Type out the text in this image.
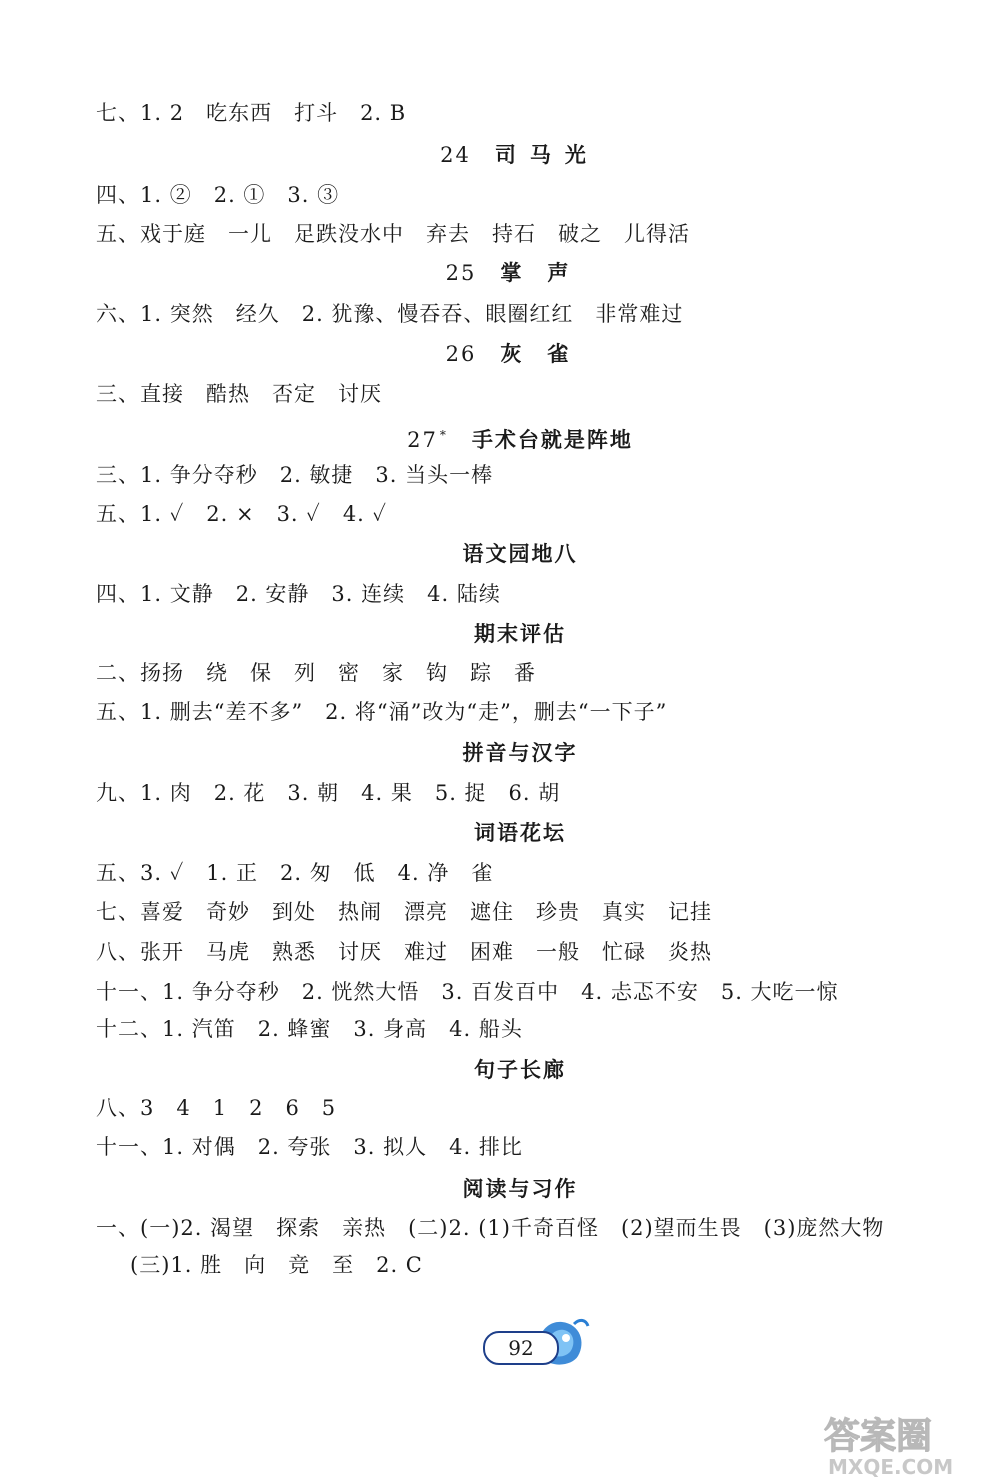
七、1. 2　吃东西　打斗　2. B
24 司马光
四、1. ②　2. ①　3. ③
五、戏于庭　一儿　足跌没水中　弃去　持石　破之　儿得活
25 掌声
六、1. 突然　经久　2. 犹豫、慢吞吞、眼圈红红　非常难过
26 灰雀
三、直接　酷热　否定　讨厌
27 * 手术台就是阵地
三、1. 争分夺秒　2. 敏捷　3. 当头一棒
五、1. ✓　2. ×　3. ✓　4. ✓
语文园地八
四、1. 文静　2. 安静　3. 连续　4. 陆续
期末评估
二、扬扬　绕　保　列　密　家　钩　踪　番
五、1. 删去“差不多”　2. 将“涌”改为“走”，删去“一下子”
拼音与汉字
九、1. 肉　2. 花　3. 朝　4. 果　5. 捉　6. 胡
词语花坛
五、3. ✓　1. 正　2. 匆　低　4. 净　雀
七、喜爱　奇妙　到处　热闹　漂亮　遮住　珍贵　真实　记挂
八、张开　马虎　熟悉　讨厌　难过　困难　一般　忙碌　炎热
十一、1. 争分夺秒　2. 恍然大悟　3. 百发百中　4. 忐忑不安　5. 大吃一惊
十二、1. 汽笛　2. 蜂蜜　3. 身高　4. 船头
句子长廊
八、3　4　1　2　6　5
十一、1. 对偶　2. 夸张　3. 拟人　4. 排比
阅读与习作
一、(一)2. 渴望　探索　亲热　(二)2. (1)千奇百怪　(2)望而生畏　(3)庞然大物
(三)1. 胜　向　竞　至　2. C
92
答案圈
MXQE.COM
